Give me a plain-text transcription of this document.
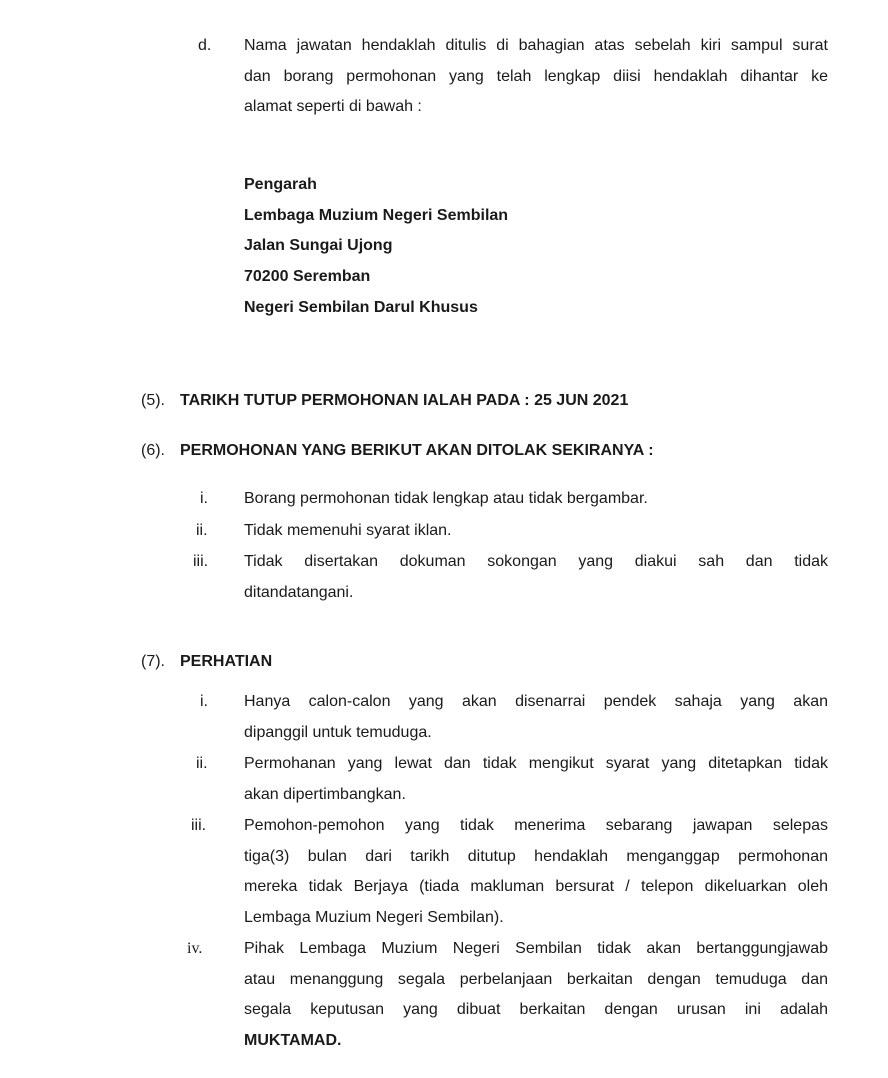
d. Nama jawatan hendaklah ditulis di bahagian atas sebelah kiri sampul surat
dan borang permohonan yang telah lengkap diisi hendaklah dihantar ke
alamat seperti di bawah :
Pengarah
Lembaga Muzium Negeri Sembilan
Jalan Sungai Ujong
70200 Seremban
Negeri Sembilan Darul Khusus
(5). TARIKH TUTUP PERMOHONAN IALAH PADA : 25 JUN 2021
(6). PERMOHONAN YANG BERIKUT AKAN DITOLAK SEKIRANYA :
i. Borang permohonan tidak lengkap atau tidak bergambar.
ii. Tidak memenuhi syarat iklan.
iii. Tidak disertakan dokuman sokongan yang diakui sah dan tidak
ditandatangani.
(7). PERHATIAN
i. Hanya calon-calon yang akan disenarrai pendek sahaja yang akan
dipanggil untuk temuduga.
ii. Permohanan yang lewat dan tidak mengikut syarat yang ditetapkan tidak
akan dipertimbangkan.
iii. Pemohon-pemohon yang tidak menerima sebarang jawapan selepas
tiga(3) bulan dari tarikh ditutup hendaklah menganggap permohonan
mereka tidak Berjaya (tiada makluman bersurat / telepon dikeluarkan oleh
Lembaga Muzium Negeri Sembilan).
iv.	Pihak Lembaga Muzium Negeri Sembilan tidak akan bertanggungjawab
atau menanggung segala perbelanjaan berkaitan dengan temuduga dan
segala keputusan yang dibuat berkaitan dengan urusan ini adalah
MUKTAMAD.
